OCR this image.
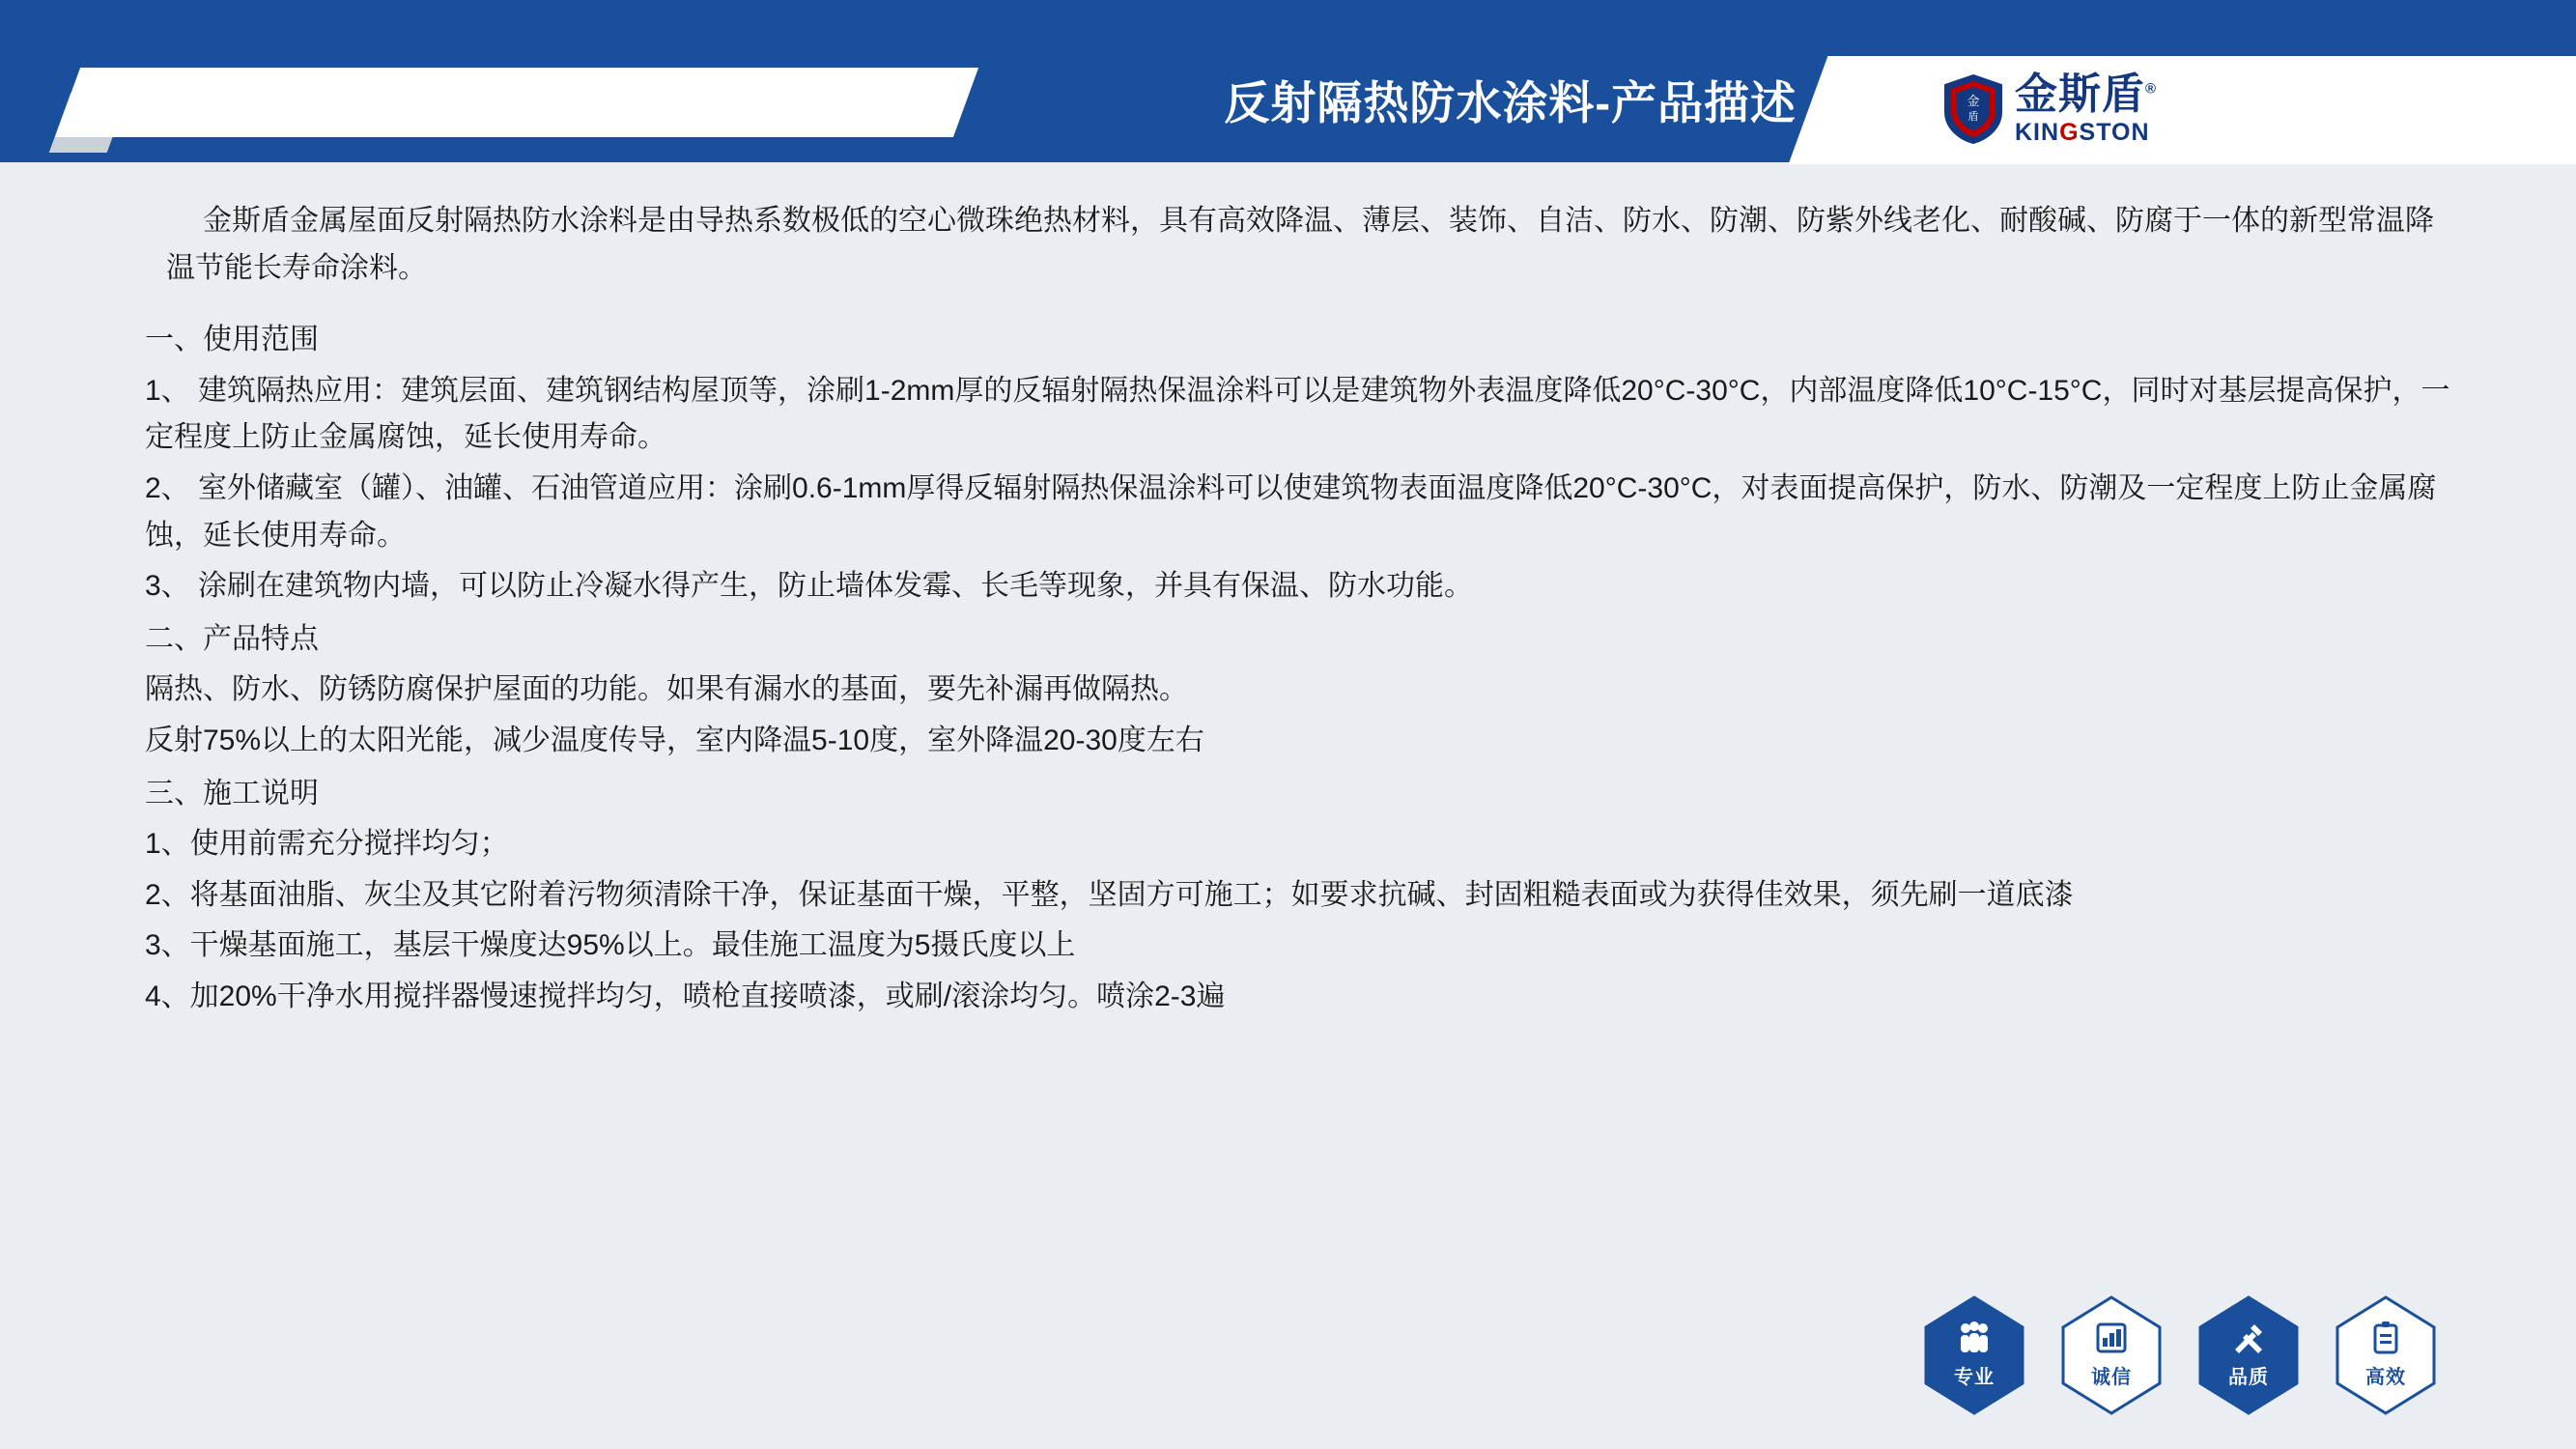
反射隔热防水涂料-产品描述	金
盾 金斯盾®
KINGSTON

金斯盾金属屋面反射隔热防水涂料是由导热系数极低的空心微珠绝热材料，具有高效降温、薄层、装饰、自洁、防水、防潮、防紫外线老化、耐酸碱、防腐于一体的新型常温降温节能长寿命涂料。

一、使用范围

1、 建筑隔热应用：建筑层面、建筑钢结构屋顶等，涂刷1-2mm厚的反辐射隔热保温涂料可以是建筑物外表温度降低20°C-30°C，内部温度降低10°C-15°C，同时对基层提高保护，一定程度上防止金属腐蚀，延长使用寿命。

2、 室外储藏室（罐）、油罐、石油管道应用：涂刷0.6-1mm厚得反辐射隔热保温涂料可以使建筑物表面温度降低20°C-30°C，对表面提高保护，防水、防潮及一定程度上防止金属腐蚀，延长使用寿命。

3、 涂刷在建筑物内墙，可以防止冷凝水得产生，防止墙体发霉、长毛等现象，并具有保温、防水功能。

二、产品特点

隔热、防水、防锈防腐保护屋面的功能。如果有漏水的基面，要先补漏再做隔热。

反射75%以上的太阳光能，减少温度传导，室内降温5-10度，室外降温20-30度左右

三、施工说明

1、使用前需充分搅拌均匀；

2、将基面油脂、灰尘及其它附着污物须清除干净，保证基面干燥，平整，坚固方可施工；如要求抗碱、封固粗糙表面或为获得佳效果，须先刷一道底漆

3、干燥基面施工，基层干燥度达95%以上。最佳施工温度为5摄氏度以上

4、加20%干净水用搅拌器慢速搅拌均匀，喷枪直接喷漆，或刷/滚涂均匀。喷涂2-3遍

专业	诚信	品质	高效
